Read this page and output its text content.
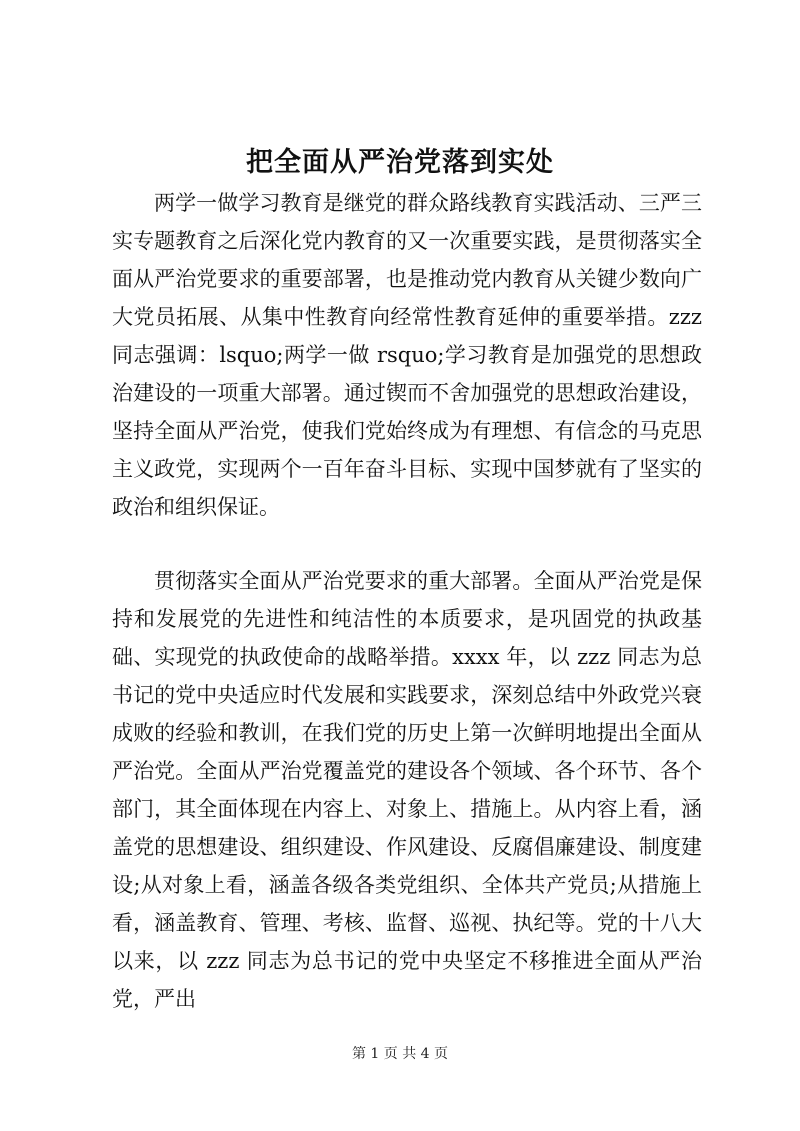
把全面从严治党落到实处

两学一做学习教育是继党的群众路线教育实践活动、三严三实专题教育之后深化党内教育的又一次重要实践，是贯彻落实全面从严治党要求的重要部署，也是推动党内教育从关键少数向广大党员拓展、从集中性教育向经常性教育延伸的重要举措。zzz同志强调：lsquo;两学一做 rsquo;学习教育是加强党的思想政治建设的一项重大部署。通过锲而不舍加强党的思想政治建设，坚持全面从严治党，使我们党始终成为有理想、有信念的马克思主义政党，实现两个一百年奋斗目标、实现中国梦就有了坚实的政治和组织保证。

贯彻落实全面从严治党要求的重大部署。全面从严治党是保持和发展党的先进性和纯洁性的本质要求，是巩固党的执政基础、实现党的执政使命的战略举措。xxxx 年，以 zzz 同志为总书记的党中央适应时代发展和实践要求，深刻总结中外政党兴衰成败的经验和教训，在我们党的历史上第一次鲜明地提出全面从严治党。全面从严治党覆盖党的建设各个领域、各个环节、各个部门，其全面体现在内容上、对象上、措施上。从内容上看，涵盖党的思想建设、组织建设、作风建设、反腐倡廉建设、制度建设;从对象上看，涵盖各级各类党组织、全体共产党员;从措施上看，涵盖教育、管理、考核、监督、巡视、执纪等。党的十八大以来，以 zzz 同志为总书记的党中央坚定不移推进全面从严治党，严出

第 1 页 共 4 页
